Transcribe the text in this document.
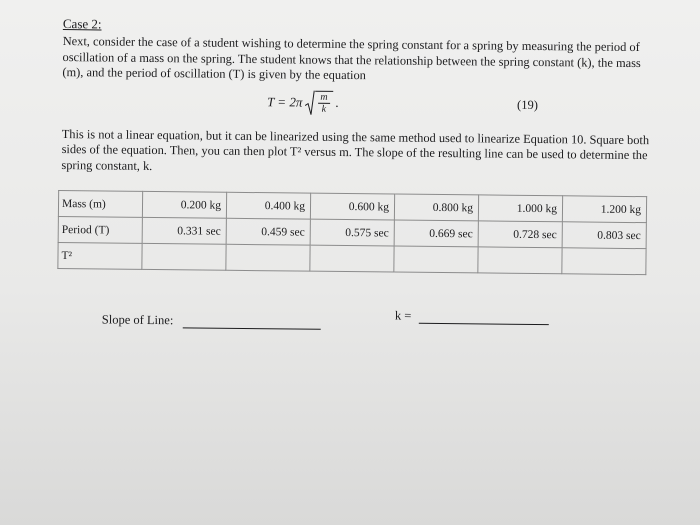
Case 2:

Next, consider the case of a student wishing to determine the spring constant for a spring by measuring the period of oscillation of a mass on the spring. The student knows that the relationship between the spring constant (k), the mass (m), and the period of oscillation (T) is given by the equation

$T = 2\pi \frac{m}{k}$ .	(19)

This is not a linear equation, but it can be linearized using the same method used to linearize Equation 10. Square both sides of the equation. Then, you can then plot T² versus m. The slope of the resulting line can be used to determine the spring constant, k.

Mass (m)	0.200 kg	0.400 kg	0.600 kg	0.800 kg	1.000 kg	1.200 kg
Period (T)	0.331 sec	0.459 sec	0.575 sec	0.669 sec	0.728 sec	0.803 sec
T²						
Slope of Line:	k =
